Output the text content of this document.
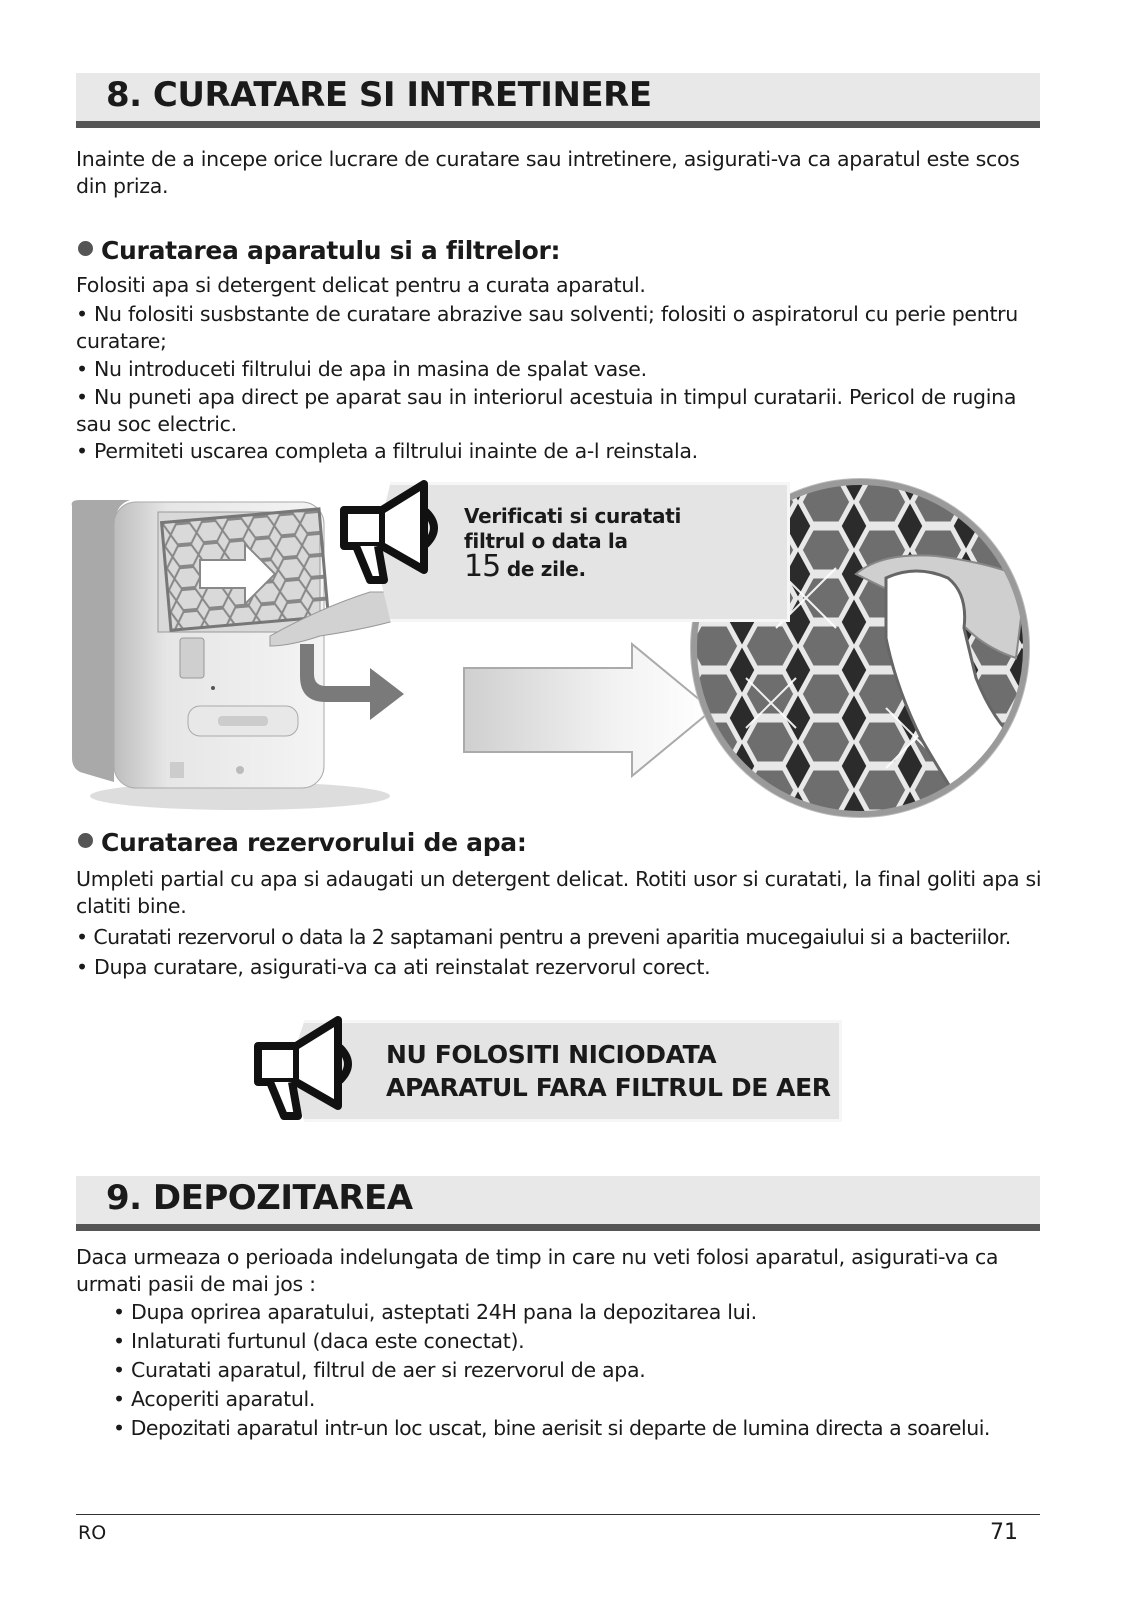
8. CURATARE SI INTRETINERE
Inainte de a incepe orice lucrare de curatare sau intretinere, asigurati-va ca aparatul este scos din priza.
Curatarea aparatulu si a filtrelor:
Folositi apa si detergent delicat pentru a curata aparatul.
• Nu folositi susbstante de curatare abrazive sau solventi; folositi o aspiratorul cu perie pentru curatare;
• Nu introduceti filtrului de apa in masina de spalat vase.
• Nu puneti apa direct pe aparat sau in interiorul acestuia in timpul curatarii. Pericol de rugina sau soc electric.
• Permiteti uscarea completa a filtrului inainte de a-l reinstala.
Verificati si curatati
filtrul o data la
15 de zile.
Curatarea rezervorului de apa:
Umpleti partial cu apa si adaugati un detergent delicat. Rotiti usor si curatati, la final goliti apa si clatiti bine.
• Curatati rezervorul o data la 2 saptamani pentru a preveni aparitia mucegaiului si a bacteriilor.
• Dupa curatare, asigurati-va ca ati reinstalat rezervorul corect.
NU FOLOSITI NICIODATA
APARATUL FARA FILTRUL DE AER
9. DEPOZITAREA
Daca urmeaza o perioada indelungata de timp in care nu veti folosi aparatul, asigurati-va ca urmati pasii de mai jos :
• Dupa oprirea aparatului, asteptati 24H pana la depozitarea lui.
• Inlaturati furtunul (daca este conectat).
• Curatati aparatul, filtrul de aer si rezervorul de apa.
• Acoperiti aparatul.
• Depozitati aparatul intr-un loc uscat, bine aerisit si departe de lumina directa a soarelui.
RO	71
